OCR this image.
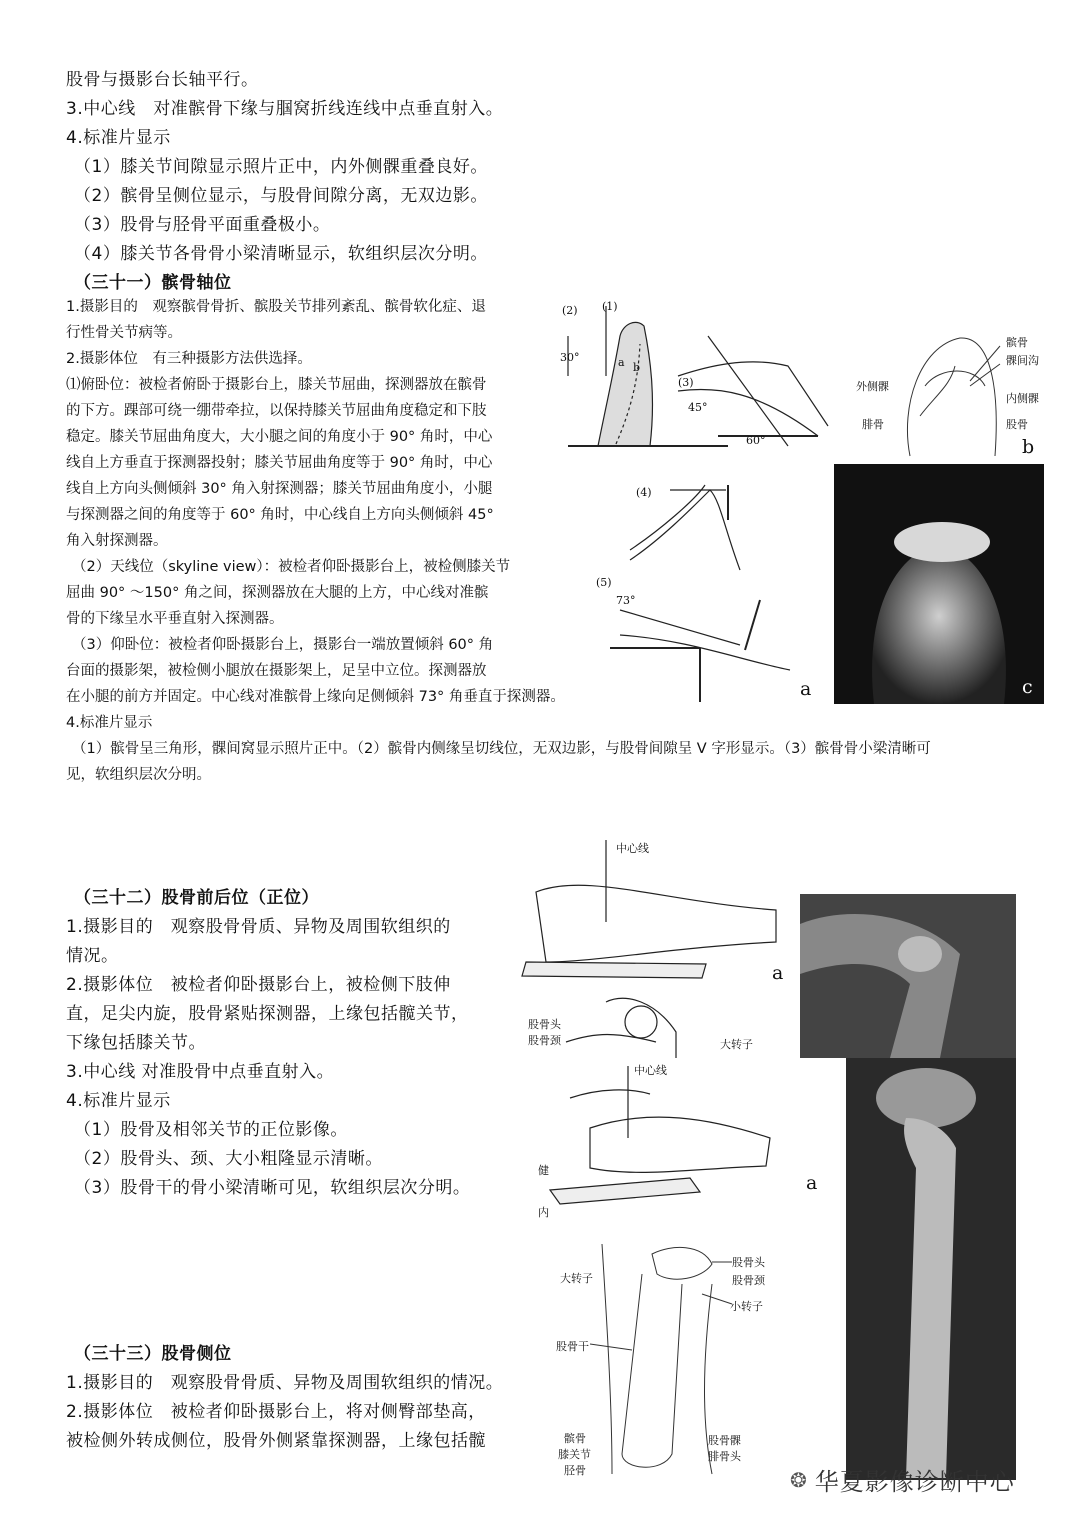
股骨与摄影台长轴平行。
3.中心线　对准髌骨下缘与腘窝折线连线中点垂直射入。
4.标准片显示
（1）膝关节间隙显示照片正中，内外侧髁重叠良好。
（2）髌骨呈侧位显示，与股骨间隙分离，无双边影。
（3）股骨与胫骨平面重叠极小。
（4）膝关节各骨骨小梁清晰显示，软组织层次分明。
（三十一）髌骨轴位
1.摄影目的　观察髌骨骨折、髌股关节排列紊乱、髌骨软化症、退
行性骨关节病等。
2.摄影体位　有三种摄影方法供选择。
⑴俯卧位：被检者俯卧于摄影台上，膝关节屈曲，探测器放在髌骨
的下方。踝部可绕一绷带牵拉，以保持膝关节屈曲角度稳定和下肢
稳定。膝关节屈曲角度大，大小腿之间的角度小于 90° 角时，中心
线自上方垂直于探测器投射；膝关节屈曲角度等于 90° 角时，中心
线自上方向头侧倾斜 30° 角入射探测器；膝关节屈曲角度小，小腿
与探测器之间的角度等于 60° 角时，中心线自上方向头侧倾斜 45°
角入射探测器。
（2）天线位（skyline view）：被检者仰卧摄影台上，被检侧膝关节
屈曲 90° ～150° 角之间，探测器放在大腿的上方，中心线对准髌
骨的下缘呈水平垂直射入探测器。
（3）仰卧位：被检者仰卧摄影台上，摄影台一端放置倾斜 60° 角
台面的摄影架，被检侧小腿放在摄影架上，足呈中立位。探测器放
在小腿的前方并固定。中心线对准髌骨上缘向足侧倾斜 73° 角垂直于探测器。
4.标准片显示
（1）髌骨呈三角形，髁间窝显示照片正中。（2）髌骨内侧缘呈切线位，无双边影，与股骨间隙呈 V 字形显示。（3）髌骨骨小梁清晰可
见，软组织层次分明。
(2) (1)
30°
(3)
45°
60°
a b
髌骨
髁间沟
外侧髁
内侧髁
腓骨	股骨
b
(4)
(5)
73°
a	c
（三十二）股骨前后位（正位）
1.摄影目的　观察股骨骨质、异物及周围软组织的
情况。
2.摄影体位　被检者仰卧摄影台上，被检侧下肢伸
直，足尖内旋，股骨紧贴探测器，上缘包括髋关节，
下缘包括膝关节。
3.中心线 对准股骨中点垂直射入。
4.标准片显示
（1）股骨及相邻关节的正位影像。
（2）股骨头、颈、大小粗隆显示清晰。
（3）股骨干的骨小梁清晰可见，软组织层次分明。
中心线
股骨头
股骨颈	大转子
a
中心线
健
内
股骨头
股骨颈
大转子
小转子
股骨干
髌骨
膝关节
胫骨
股骨髁
腓骨头
a
（三十三）股骨侧位
1.摄影目的　观察股骨骨质、异物及周围软组织的情况。
2.摄影体位　被检者仰卧摄影台上，将对侧臀部垫高，
被检侧外转成侧位，股骨外侧紧靠探测器，上缘包括髋
❂ 华夏影像诊断中心
